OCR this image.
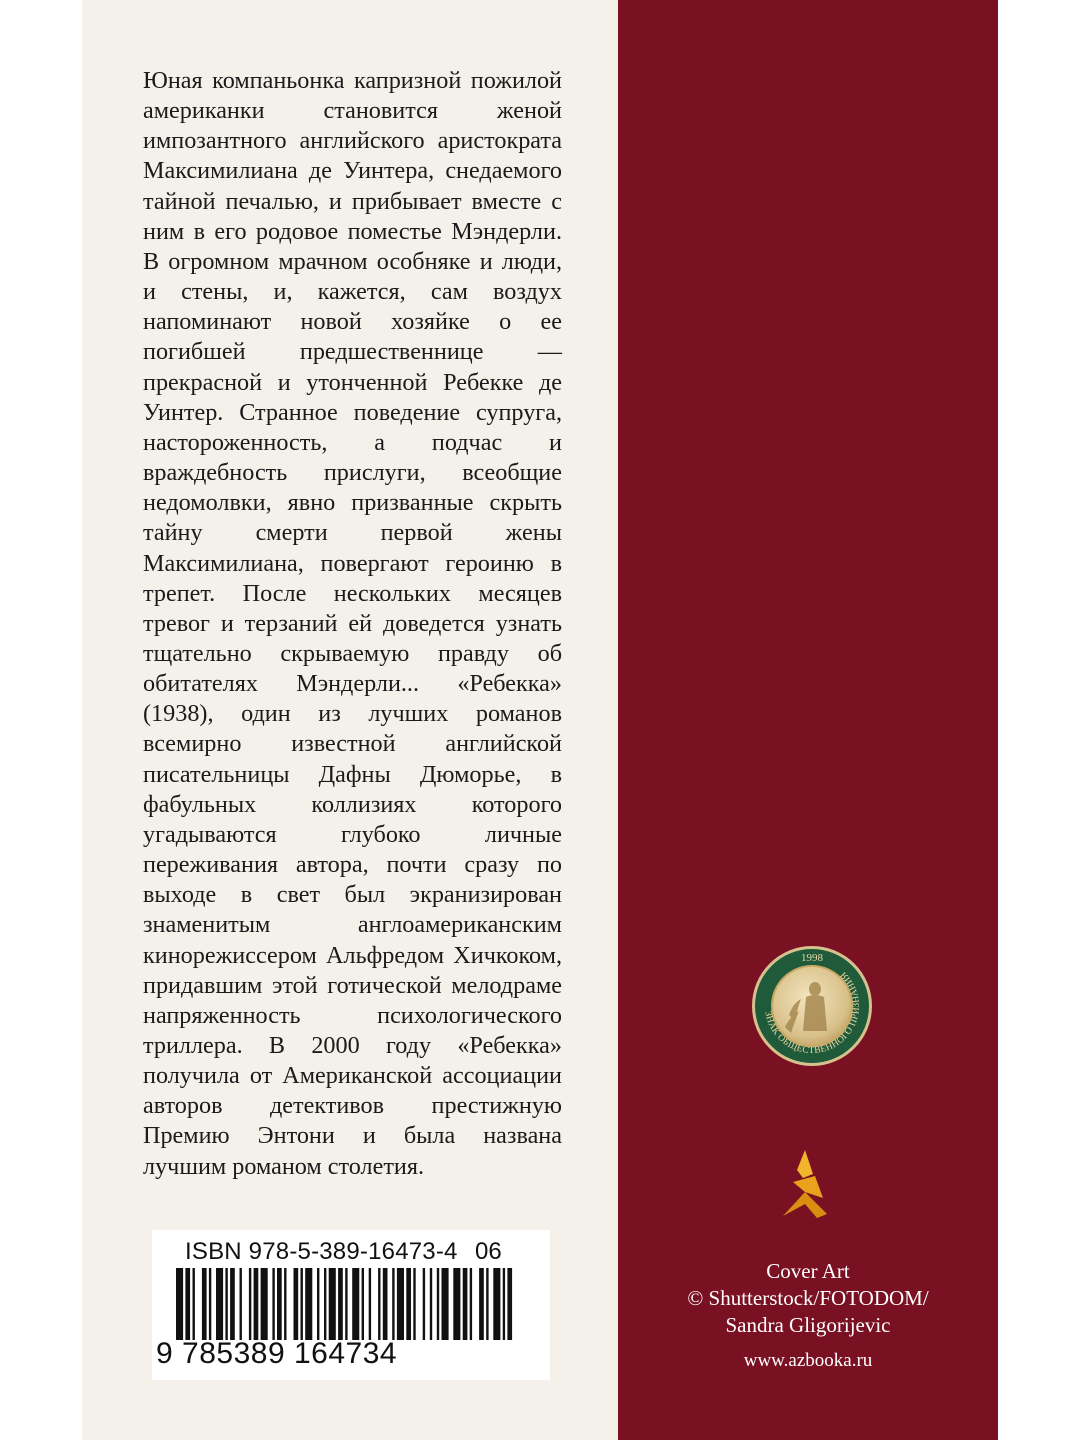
Юная компаньонка капризной пожилой американки становится женой импозантного английского аристократа Максимилиана де Уинтера, снедаемого тайной печалью, и прибывает вместе с ним в его родовое поместье Мэндерли. В огромном мрачном особняке и люди, и стены, и, кажется, сам воздух напоминают новой хозяйке о ее погибшей предшественнице — прекрасной и утонченной Ребекке де Уинтер. Странное поведение супруга, настороженность, а подчас и враждебность прислуги, всеобщие недомолвки, явно призванные скрыть тайну смерти первой жены Максимилиана, повергают героиню в трепет. После нескольких месяцев тревог и терзаний ей доведется узнать тщательно скрываемую правду об обитателях Мэндерли... «Ребекка» (1938), один из лучших романов всемирно известной английской писательницы Дафны Дюморье, в фабульных коллизиях которого угадываются глубоко личные переживания автора, почти сразу по выходе в свет был экранизирован знаменитым англоамериканским кинорежиссером Альфредом Хичкоком, придавшим этой готической мелодраме напряженность психологического триллера. В 2000 году «Ребекка» получила от Американской ассоциации авторов детективов престижную Премию Энтони и была названа лучшим романом столетия.

ISBN 978-5-389-16473-4 06
9 785389 164734
ЗНАК ОБЩЕСТВЕННОГО ПРИЗНАНИЯ
1998
Cover Art
© Shutterstock/FOTODOM/
Sandra Gligorijevic
www.azbooka.ru
